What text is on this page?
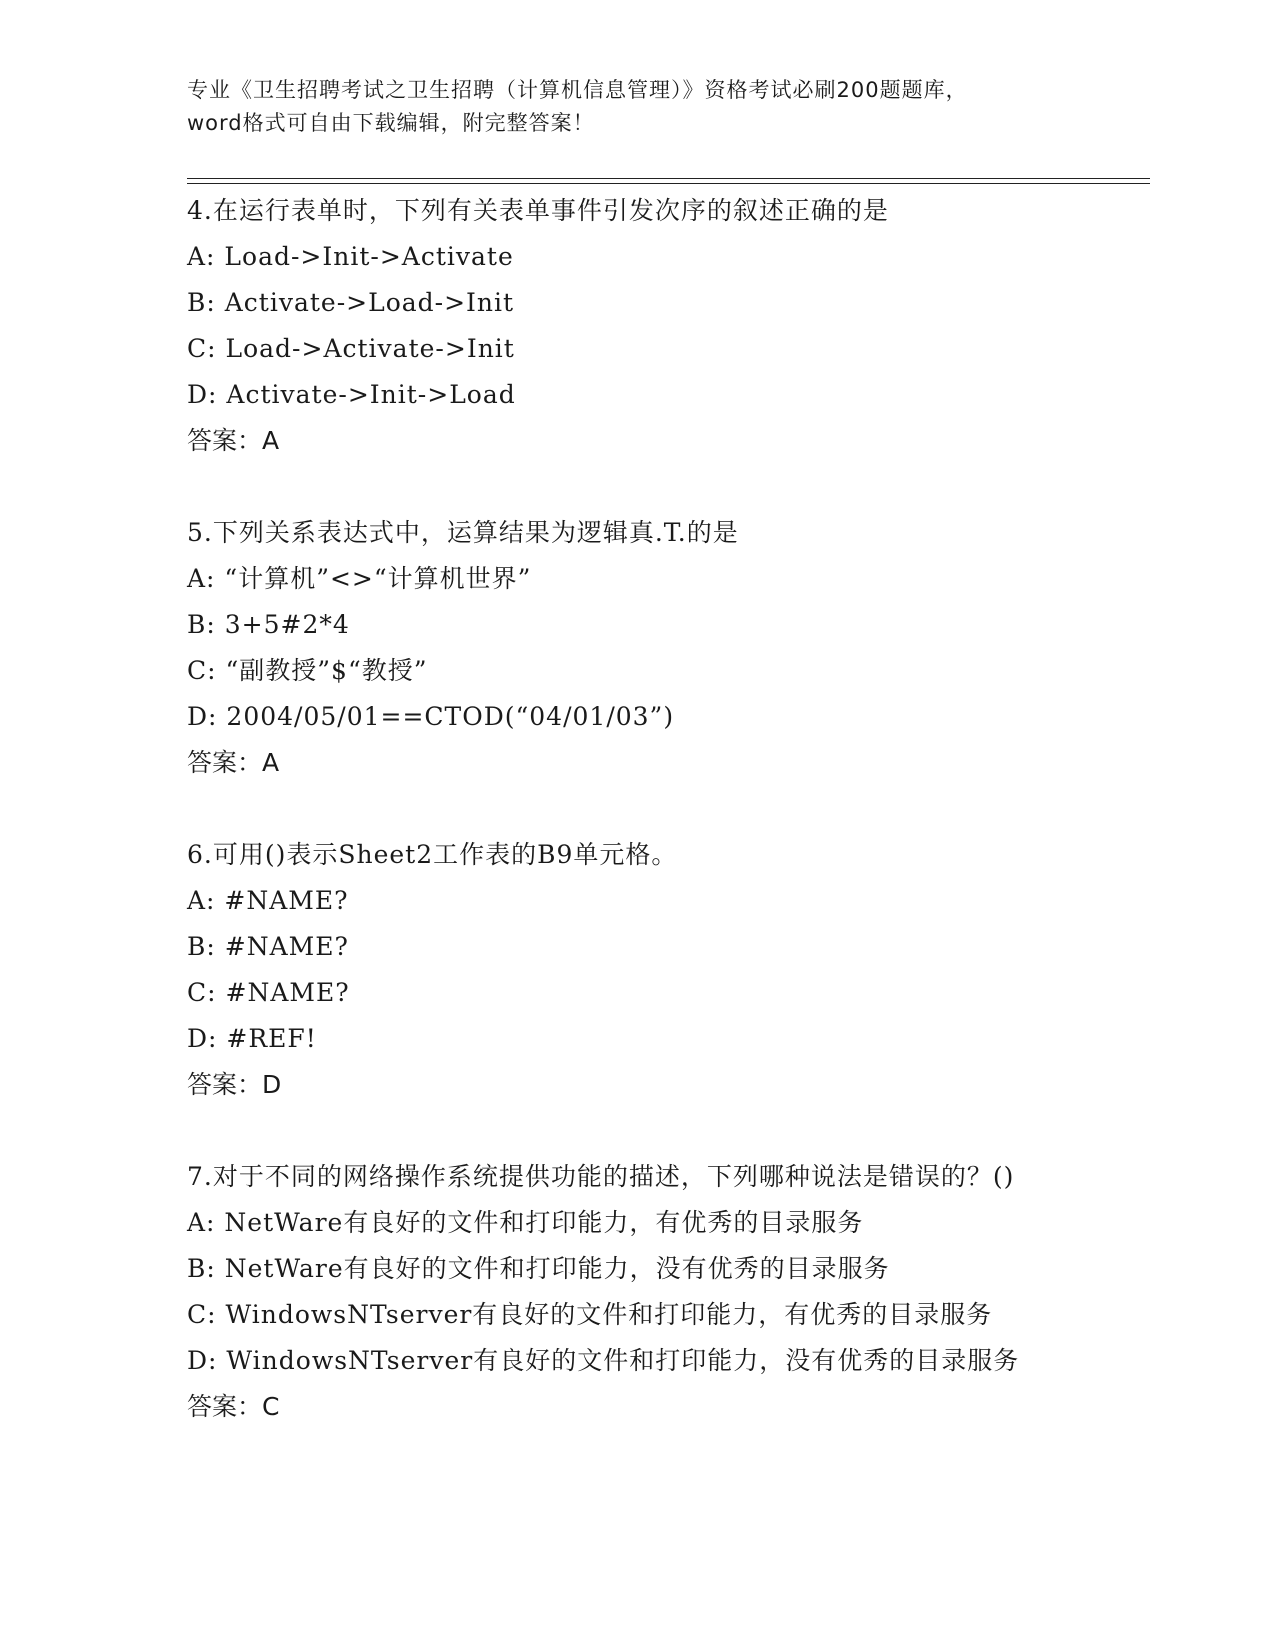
专业《卫生招聘考试之卫生招聘（计算机信息管理）》资格考试必刷200题题库，
word格式可自由下载编辑，附完整答案！
4.在运行表单时，下列有关表单事件引发次序的叙述正确的是
A: Load->Init->Activate
B: Activate->Load->Init
C: Load->Activate->Init
D: Activate->Init->Load
答案：A
5.下列关系表达式中，运算结果为逻辑真.T.的是
A: “计算机”<>“计算机世界”
B: 3+5#2*4
C: “副教授”$“教授”
D: 2004/05/01==CTOD(“04/01/03”)
答案：A
6.可用()表示Sheet2工作表的B9单元格。
A: #NAME?
B: #NAME?
C: #NAME?
D: #REF!
答案：D
7.对于不同的网络操作系统提供功能的描述，下列哪种说法是错误的？()
A: NetWare有良好的文件和打印能力，有优秀的目录服务
B: NetWare有良好的文件和打印能力，没有优秀的目录服务
C: WindowsNTserver有良好的文件和打印能力，有优秀的目录服务
D: WindowsNTserver有良好的文件和打印能力，没有优秀的目录服务
答案：C
